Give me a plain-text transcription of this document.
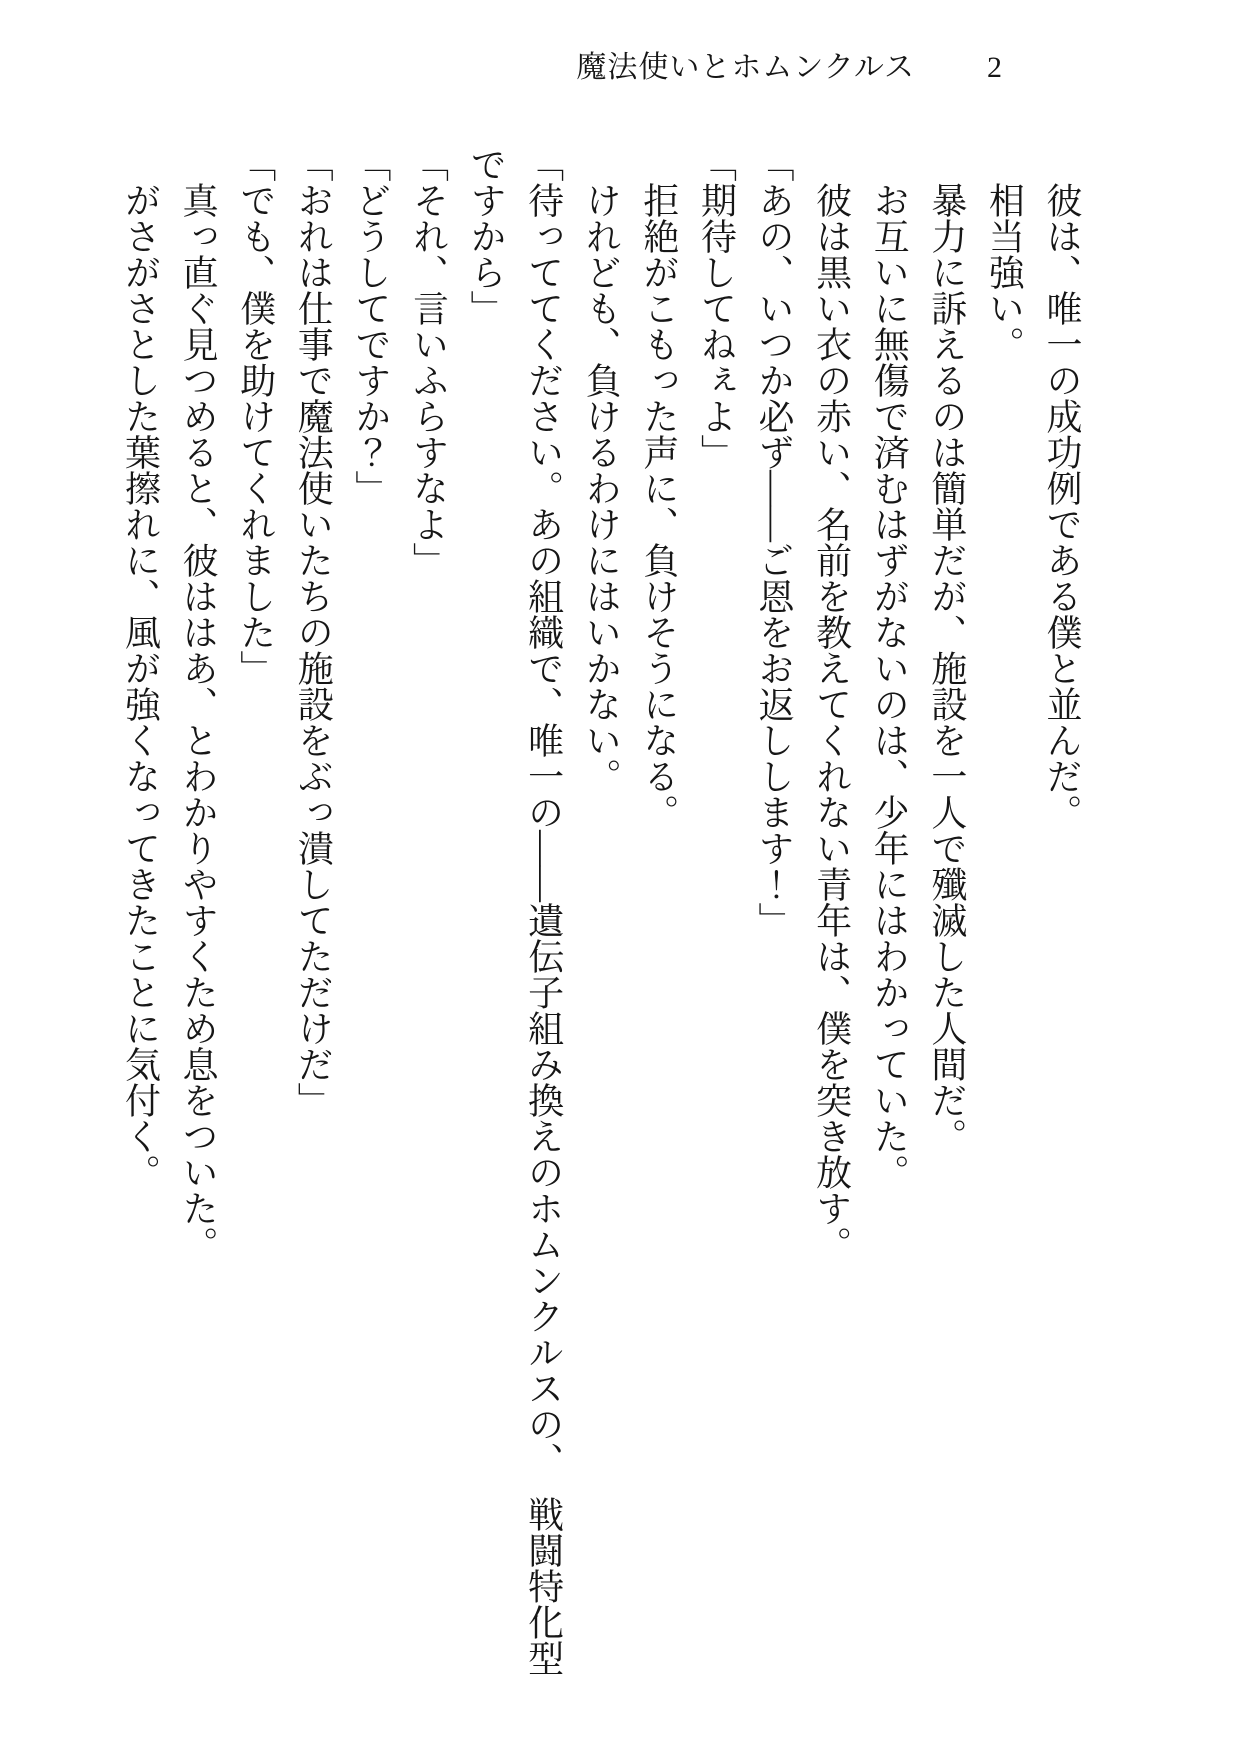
魔法使いとホムンクルス 2

彼は、唯一の成功例である僕と並んだ。

相当強い。

暴力に訴えるのは簡単だが、施設を一人で殲滅した人間だ。

お互いに無傷で済むはずがないのは、少年にはわかっていた。

彼は黒い衣の赤い、名前を教えてくれない青年は、僕を突き放す。

「あの、いつか必ず――ご恩をお返しします！」

「期待してねぇよ」

拒絶がこもった声に、負けそうになる。

けれども、負けるわけにはいかない。

「待っててください。あの組織で、唯一の――遺伝子組み換えのホムンクルスの、　戦闘特化型

ですから」

「それ、言いふらすなよ」

「どうしてですか？」

「おれは仕事で魔法使いたちの施設をぶっ潰してただけだ」

「でも、僕を助けてくれました」

真っ直ぐ見つめると、彼ははあ、とわかりやすくため息をついた。

がさがさとした葉擦れに、風が強くなってきたことに気付く。
